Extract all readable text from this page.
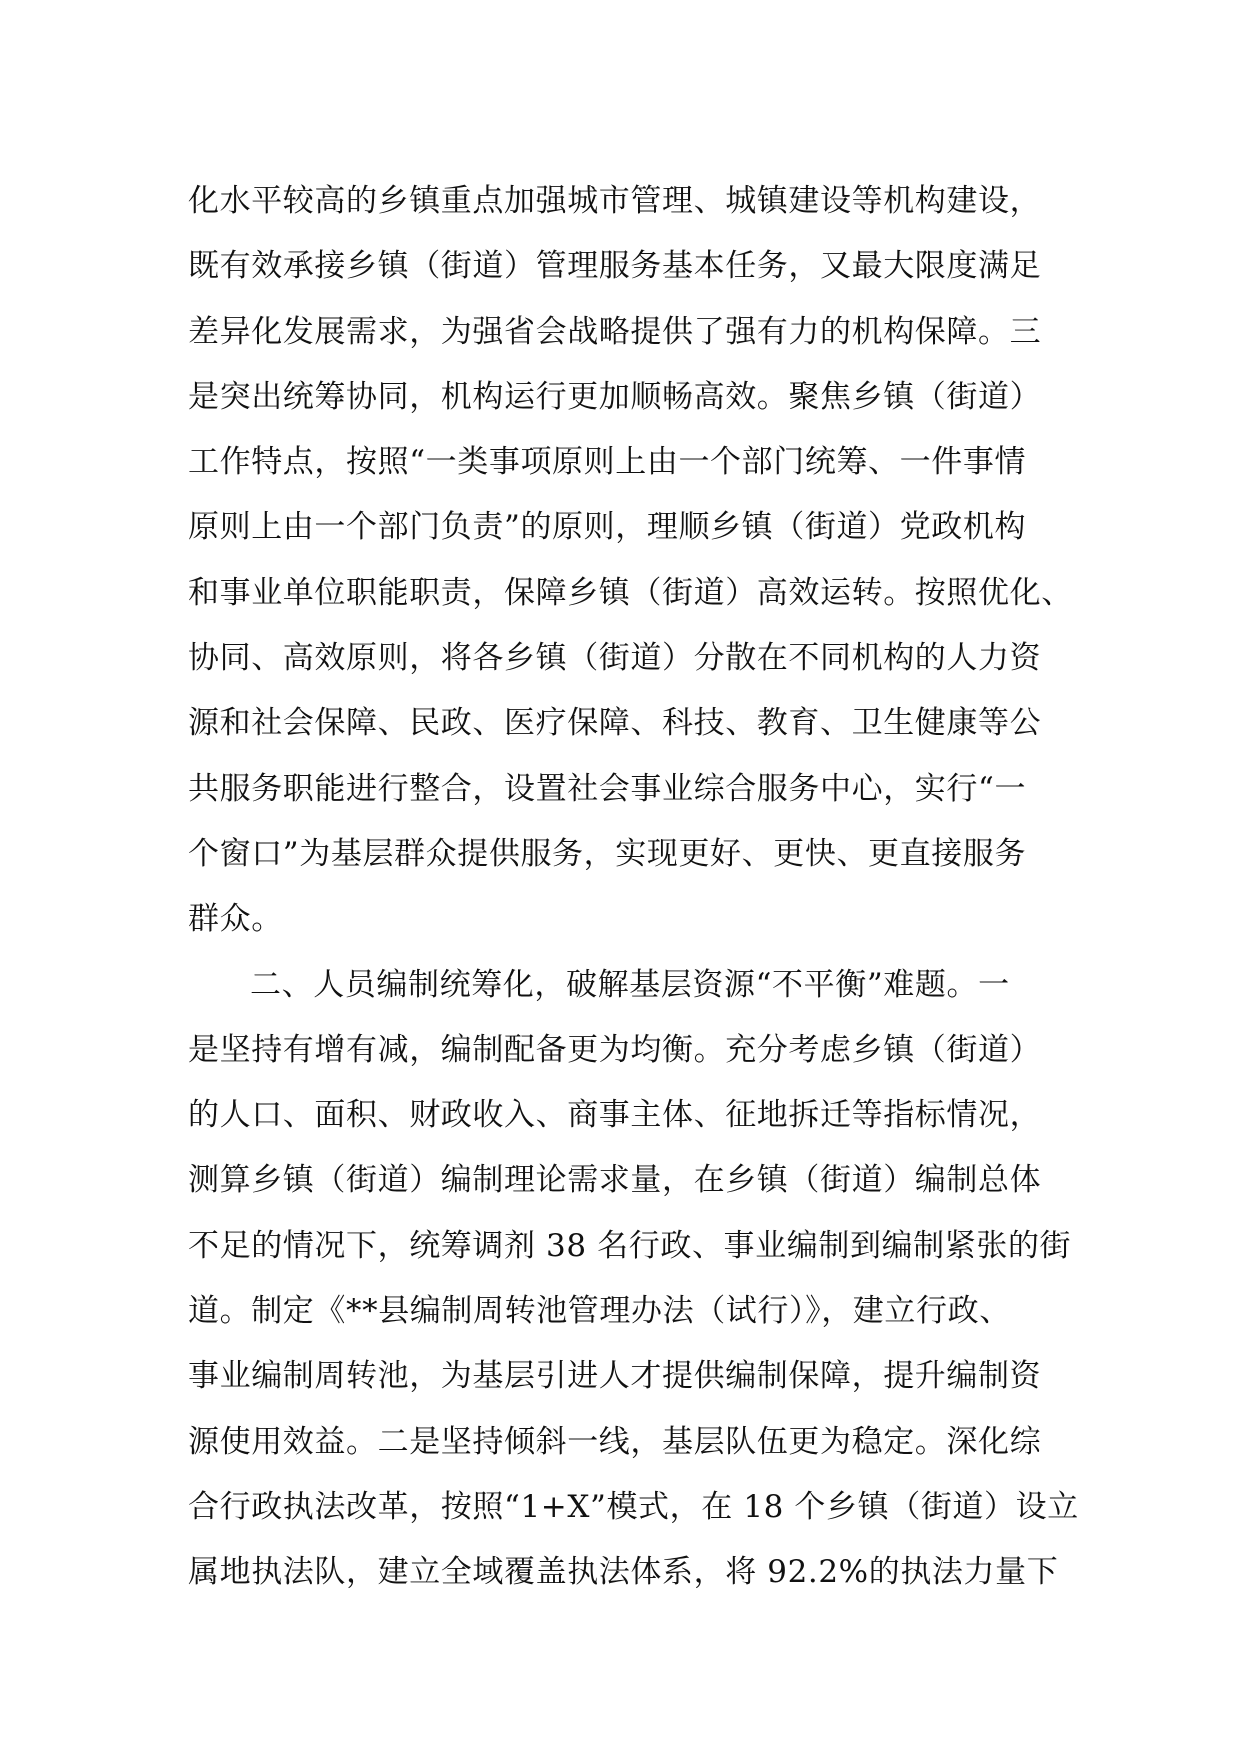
化水平较高的乡镇重点加强城市管理、城镇建设等机构建设，
既有效承接乡镇（街道）管理服务基本任务，又最大限度满足
差异化发展需求，为强省会战略提供了强有力的机构保障。三
是突出统筹协同，机构运行更加顺畅高效。聚焦乡镇（街道）
工作特点，按照“一类事项原则上由一个部门统筹、一件事情
原则上由一个部门负责”的原则，理顺乡镇（街道）党政机构
和事业单位职能职责，保障乡镇（街道）高效运转。按照优化、
协同、高效原则，将各乡镇（街道）分散在不同机构的人力资
源和社会保障、民政、医疗保障、科技、教育、卫生健康等公
共服务职能进行整合，设置社会事业综合服务中心，实行“一
个窗口”为基层群众提供服务，实现更好、更快、更直接服务
群众。
二、人员编制统筹化，破解基层资源“不平衡”难题。一
是坚持有增有减，编制配备更为均衡。充分考虑乡镇（街道）
的人口、面积、财政收入、商事主体、征地拆迁等指标情况，
测算乡镇（街道）编制理论需求量，在乡镇（街道）编制总体
不足的情况下，统筹调剂 38 名行政、事业编制到编制紧张的街
道。制定《**县编制周转池管理办法（试行）》，建立行政、
事业编制周转池，为基层引进人才提供编制保障，提升编制资
源使用效益。二是坚持倾斜一线，基层队伍更为稳定。深化综
合行政执法改革，按照“1+X”模式，在 18 个乡镇（街道）设立
属地执法队，建立全域覆盖执法体系，将 92.2%的执法力量下
